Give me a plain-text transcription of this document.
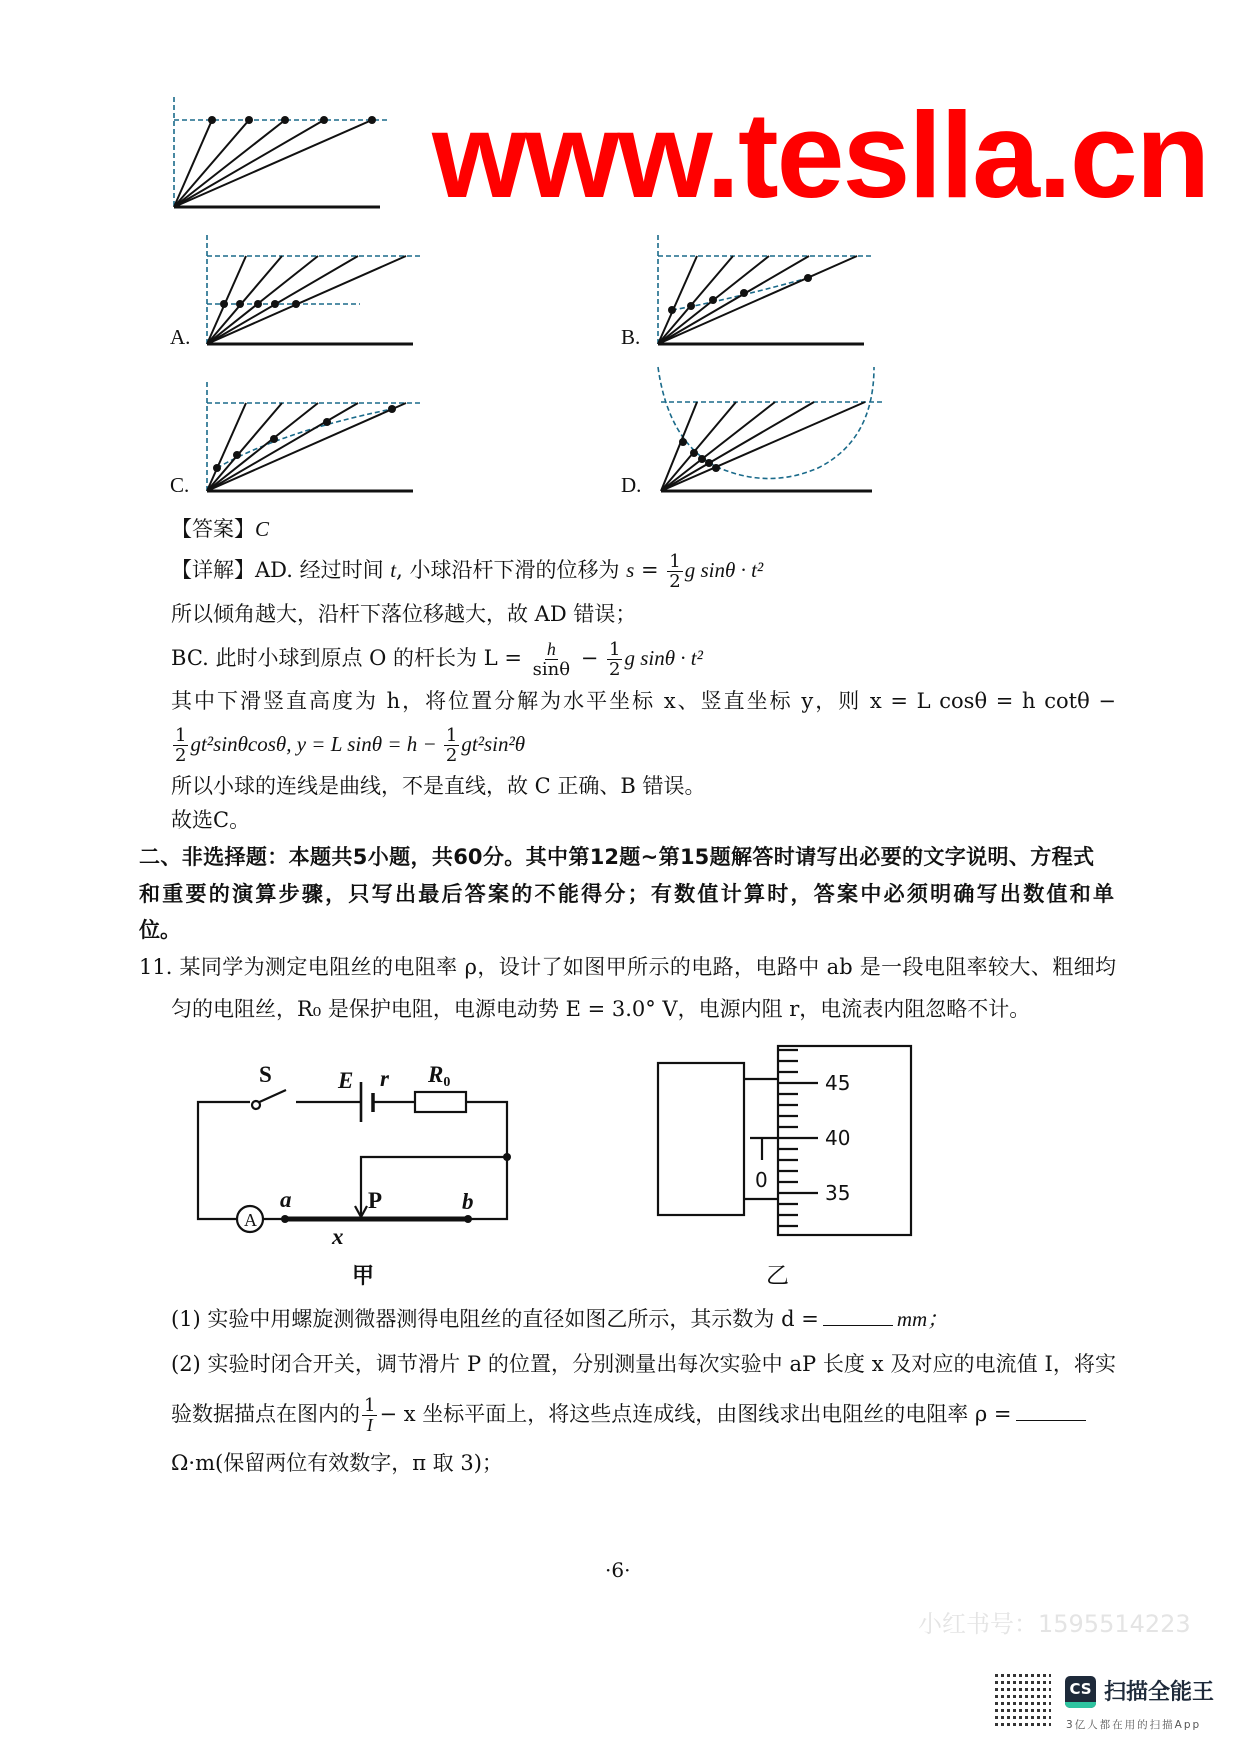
A.	B.
C.	D.
S	E r R0
A
a	P	b
x
甲
45
40
35
0
乙
【答案】C
【详解】AD. 经过时间 t, 小球沿杆下滑的位移为 $s = \frac{1}{2}$ g sinθ · t²
所以倾角越大，沿杆下落位移越大，故 AD 错误；
BC. 此时小球到原点 O 的杆长为 $L = \frac{h}{\sin\theta} - \frac{1}{2}$ g sinθ · t²
其中下滑竖直高度为 h，将位置分解为水平坐标 x、竖直坐标 y，则 x = L cosθ = h cotθ −
$\frac{1}{2} gt^2\sin\theta\cos\theta$, y = L $\sin\theta = h - \frac{1}{2} gt^2\sin^2\theta$
所以小球的连线是曲线，不是直线，故 C 正确、B 错误。
故选C。
二、非选择题：本题共5小题，共60分。其中第12题~第15题解答时请写出必要的文字说明、方程式
和重要的演算步骤，只写出最后答案的不能得分；有数值计算时，答案中必须明确写出数值和单
位。
11. 某同学为测定电阻丝的电阻率 ρ，设计了如图甲所示的电路，电路中 ab 是一段电阻率较大、粗细均
匀的电阻丝，R₀ 是保护电阻，电源电动势 E = 3.0° V，电源内阻 r，电流表内阻忽略不计。
(1) 实验中用螺旋测微器测得电阻丝的直径如图乙所示，其示数为 d =	mm；
(2) 实验时闭合开关，调节滑片 P 的位置，分别测量出每次实验中 aP 长度 x 及对应的电流值 I，将实
验数据描点在图内的 $\frac{1}{I} - x$ 坐标平面上，将这些点连成线，由图线求出电阻丝的电阻率 ρ =
Ω·m(保留两位有效数字，π 取 3)；
www.teslla.cn
·6·
小红书号：1595514223
CS 扫描全能王
3亿人都在用的扫描App
